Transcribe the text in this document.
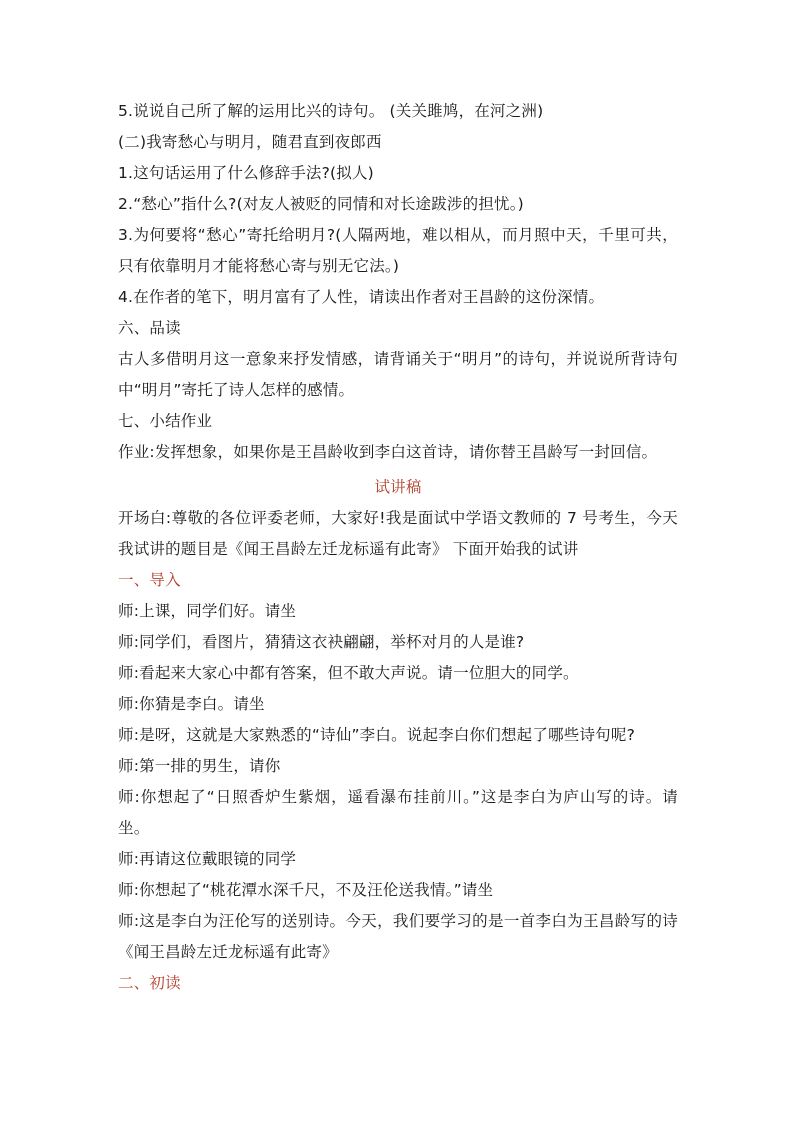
5.说说自己所了解的运用比兴的诗句。 (关关雎鸠，在河之洲)
(二)我寄愁心与明月，随君直到夜郎西
1.这句话运用了什么修辞手法?(拟人)
2.“愁心”指什么?(对友人被贬的同情和对长途跋涉的担忧。)
3.为何要将“愁心”寄托给明月?(人隔两地，难以相从，而月照中天，千里可共，只有依靠明月才能将愁心寄与别无它法。)
4.在作者的笔下，明月富有了人性，请读出作者对王昌龄的这份深情。
六、品读
古人多借明月这一意象来抒发情感，请背诵关于“明月”的诗句，并说说所背诗句中“明月”寄托了诗人怎样的感情。
七、小结作业
作业:发挥想象，如果你是王昌龄收到李白这首诗，请你替王昌龄写一封回信。
试讲稿
开场白:尊敬的各位评委老师，大家好!我是面试中学语文教师的 7 号考生，今天我试讲的题目是《闻王昌龄左迁龙标遥有此寄》 下面开始我的试讲
一、导入
师:上课，同学们好。请坐
师:同学们，看图片，猜猜这衣袂翩翩，举杯对月的人是谁?
师:看起来大家心中都有答案，但不敢大声说。请一位胆大的同学。
师:你猜是李白。请坐
师:是呀，这就是大家熟悉的“诗仙”李白。说起李白你们想起了哪些诗句呢?
师:第一排的男生，请你
师:你想起了“日照香炉生紫烟，遥看瀑布挂前川。”这是李白为庐山写的诗。请坐。
师:再请这位戴眼镜的同学
师:你想起了“桃花潭水深千尺，不及汪伦送我情。”请坐
师:这是李白为汪伦写的送别诗。今天，我们要学习的是一首李白为王昌龄写的诗《闻王昌龄左迁龙标遥有此寄》
二、初读
